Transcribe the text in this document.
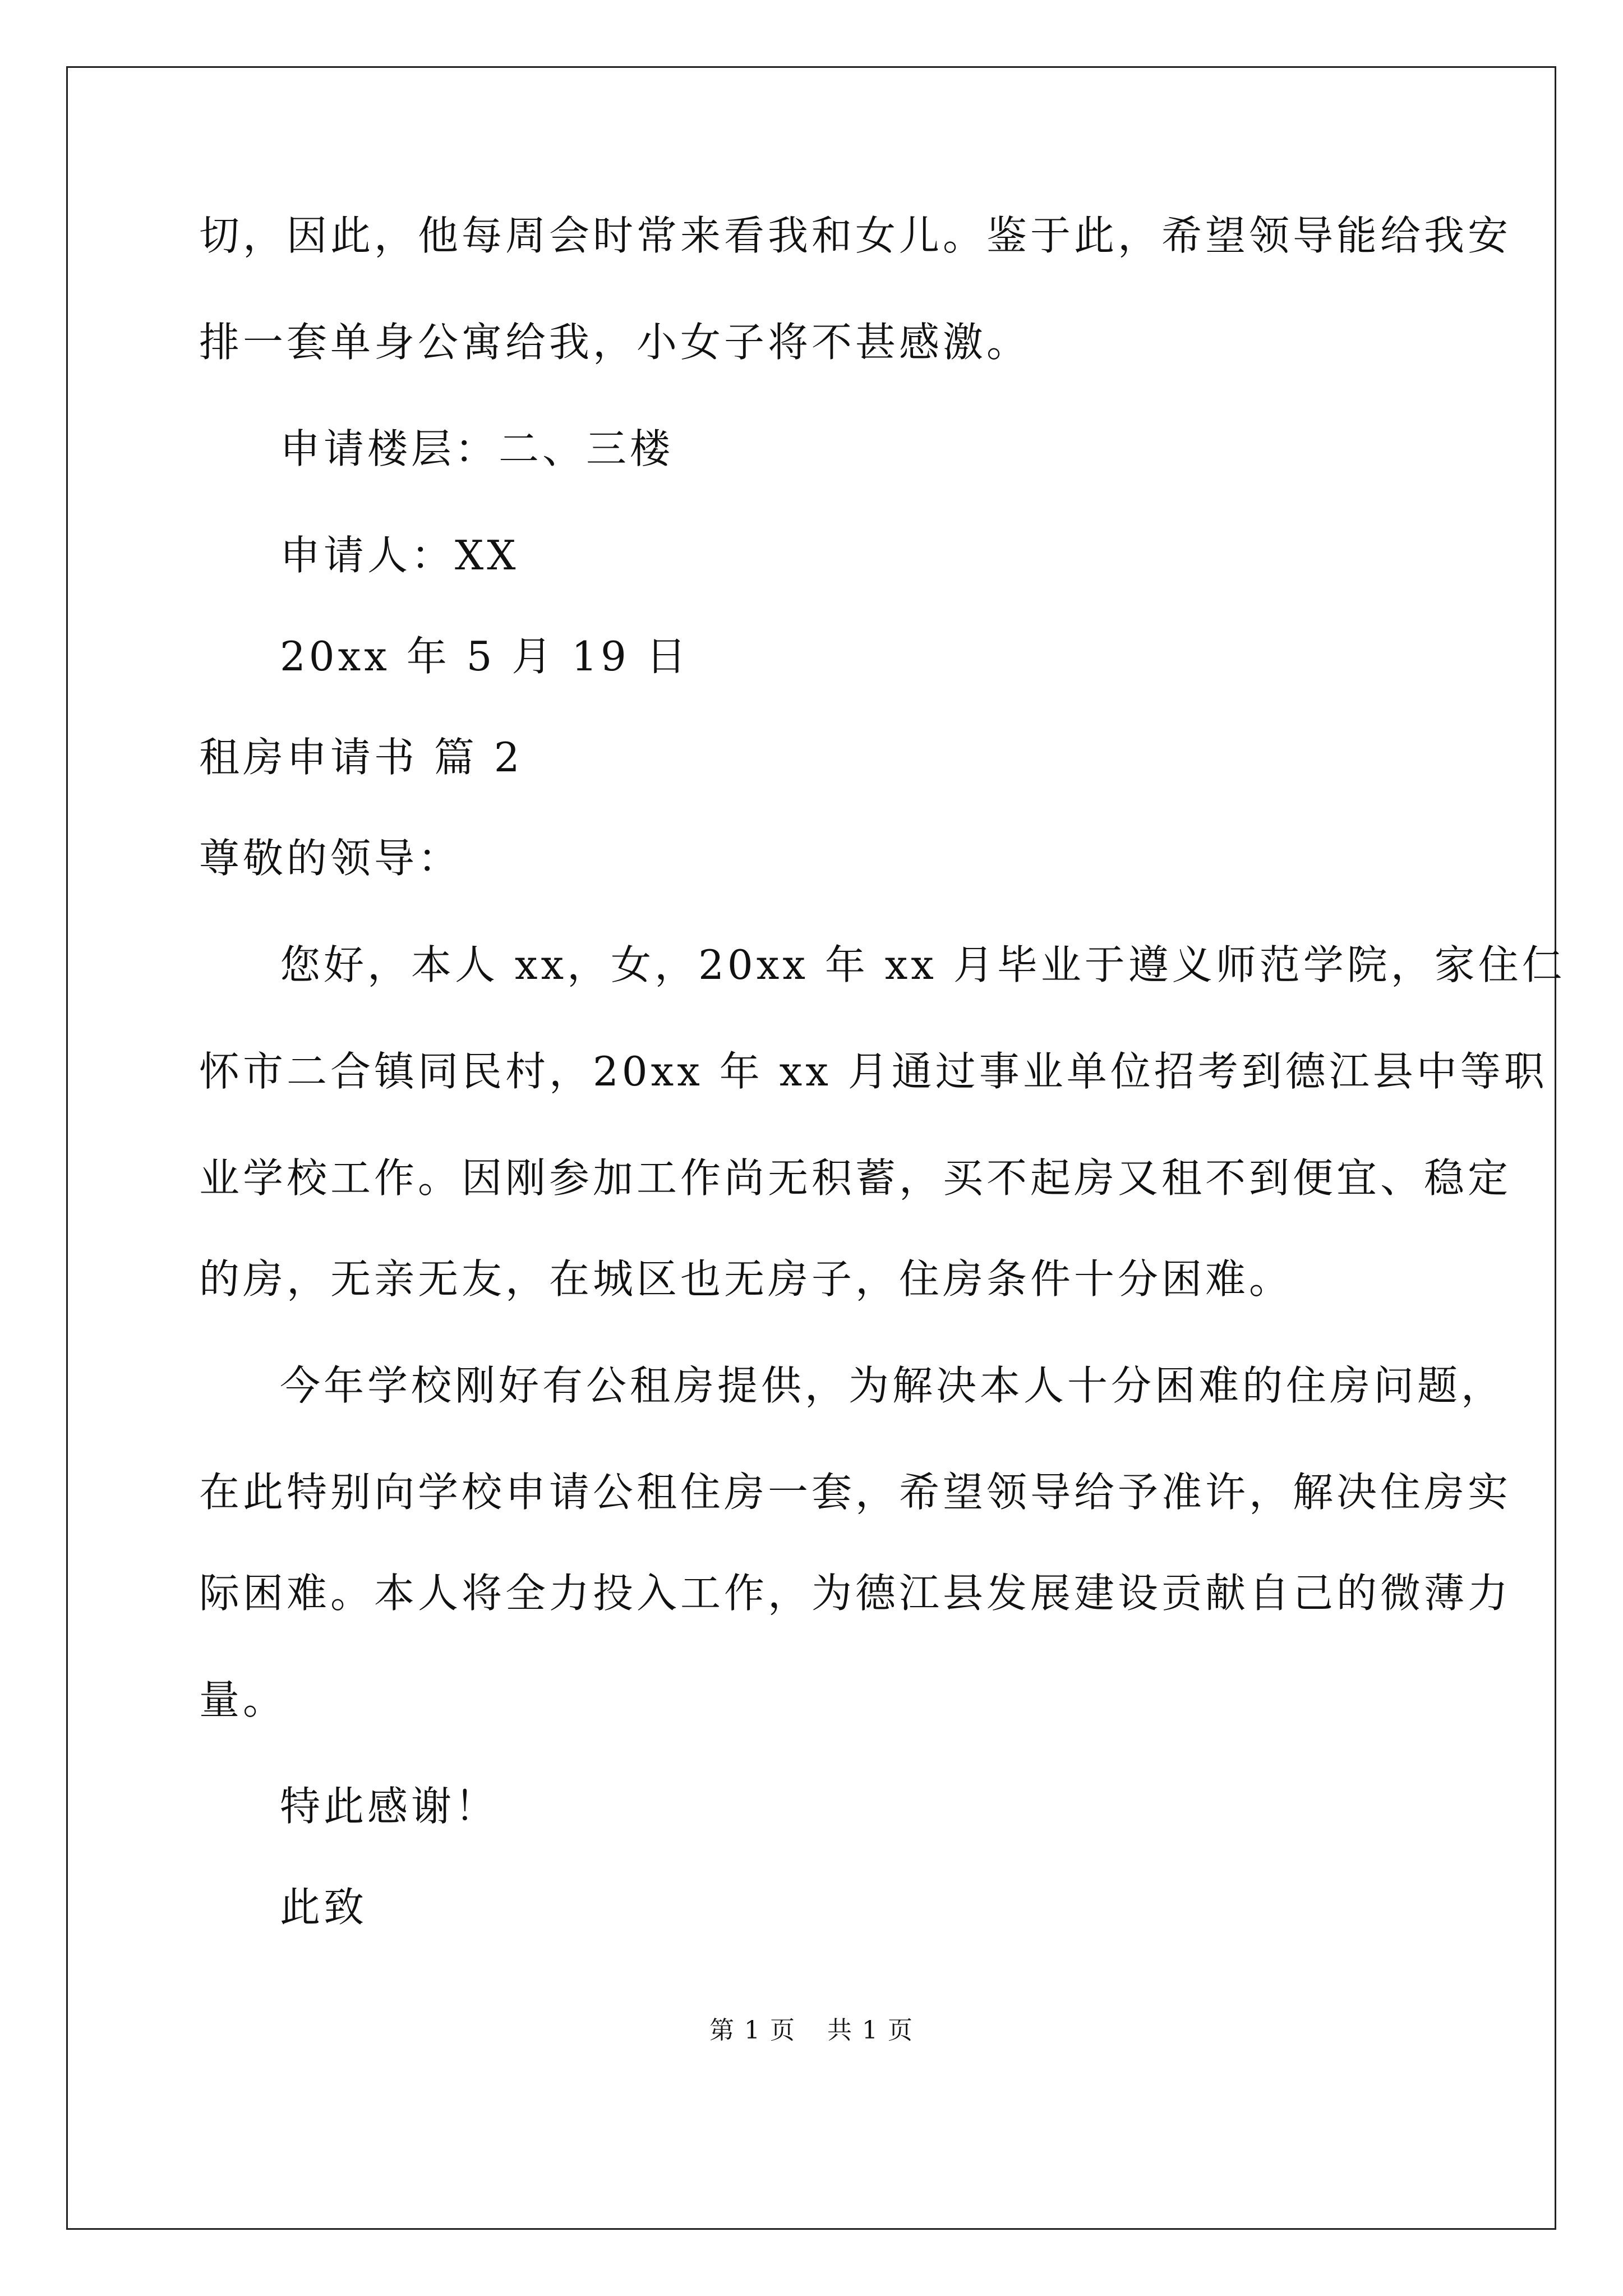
切，因此，他每周会时常来看我和女儿。鉴于此，希望领导能给我安
排一套单身公寓给我，小女子将不甚感激。
申请楼层：二、三楼
申请人：XX
20xx 年 5 月 19 日
租房申请书 篇 2
尊敬的领导：
您好，本人 xx，女，20xx 年 xx 月毕业于遵义师范学院，家住仁
怀市二合镇同民村，20xx 年 xx 月通过事业单位招考到德江县中等职
业学校工作。因刚参加工作尚无积蓄，买不起房又租不到便宜、稳定
的房，无亲无友，在城区也无房子，住房条件十分困难。
今年学校刚好有公租房提供，为解决本人十分困难的住房问题，
在此特别向学校申请公租住房一套，希望领导给予准许，解决住房实
际困难。本人将全力投入工作，为德江县发展建设贡献自己的微薄力
量。
特此感谢！
此致
第 1 页 共 1 页
